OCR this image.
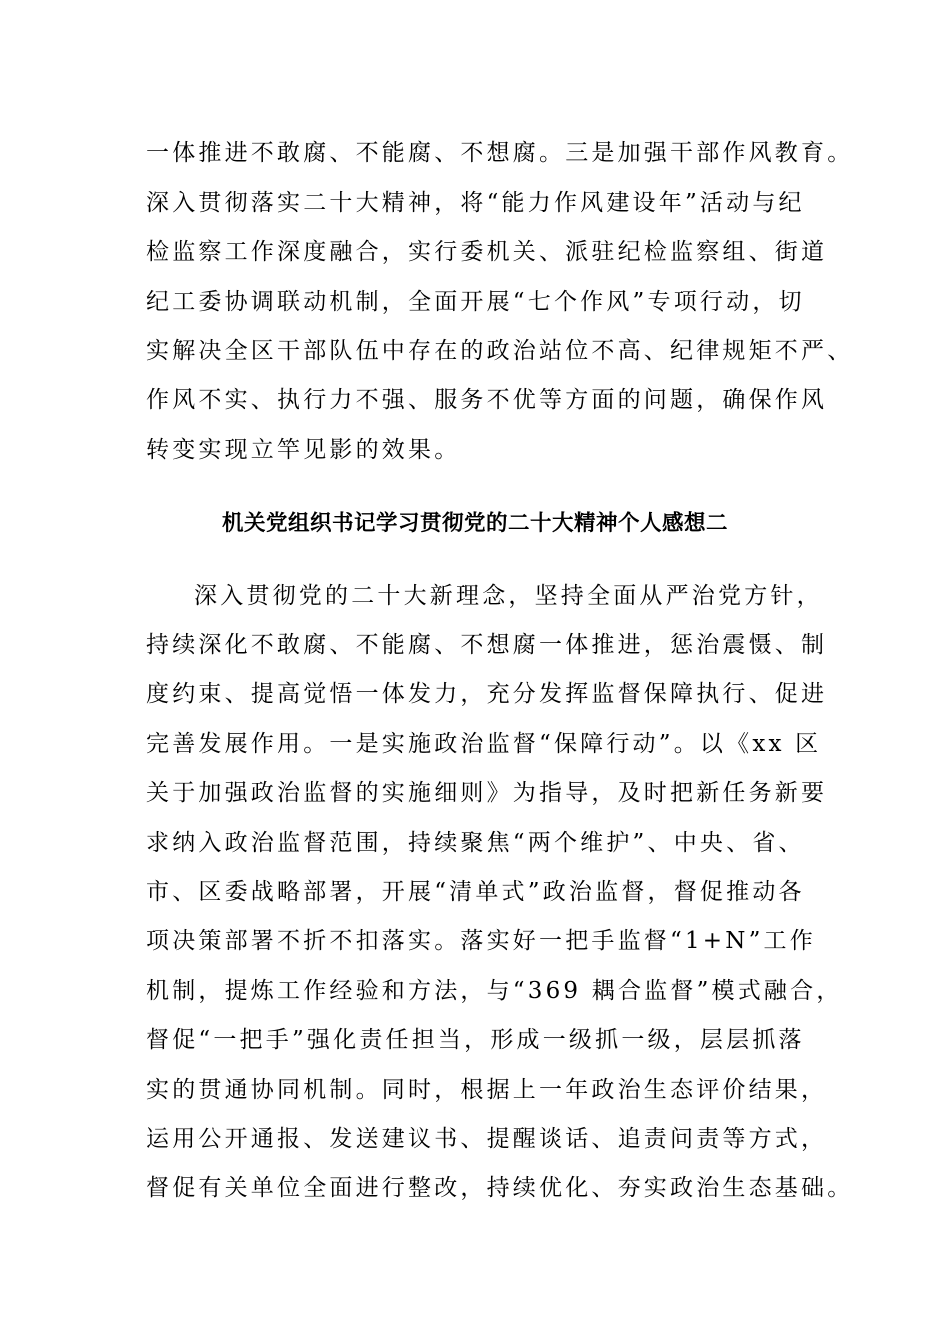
一体推进不敢腐、不能腐、不想腐。三是加强干部作风教育。
深入贯彻落实二十大精神，将“能力作风建设年”活动与纪
检监察工作深度融合，实行委机关、派驻纪检监察组、街道
纪工委协调联动机制，全面开展“七个作风”专项行动，切
实解决全区干部队伍中存在的政治站位不高、纪律规矩不严、
作风不实、执行力不强、服务不优等方面的问题，确保作风
转变实现立竿见影的效果。
机关党组织书记学习贯彻党的二十大精神个人感想二
深入贯彻党的二十大新理念，坚持全面从严治党方针，
持续深化不敢腐、不能腐、不想腐一体推进，惩治震慑、制
度约束、提高觉悟一体发力，充分发挥监督保障执行、促进
完善发展作用。一是实施政治监督“保障行动”。以《xx 区
关于加强政治监督的实施细则》为指导，及时把新任务新要
求纳入政治监督范围，持续聚焦“两个维护”、中央、省、
市、区委战略部署，开展“清单式”政治监督，督促推动各
项决策部署不折不扣落实。落实好一把手监督“1+N”工作
机制，提炼工作经验和方法，与“369 耦合监督”模式融合，
督促“一把手”强化责任担当，形成一级抓一级，层层抓落
实的贯通协同机制。同时，根据上一年政治生态评价结果，
运用公开通报、发送建议书、提醒谈话、追责问责等方式，
督促有关单位全面进行整改，持续优化、夯实政治生态基础。
